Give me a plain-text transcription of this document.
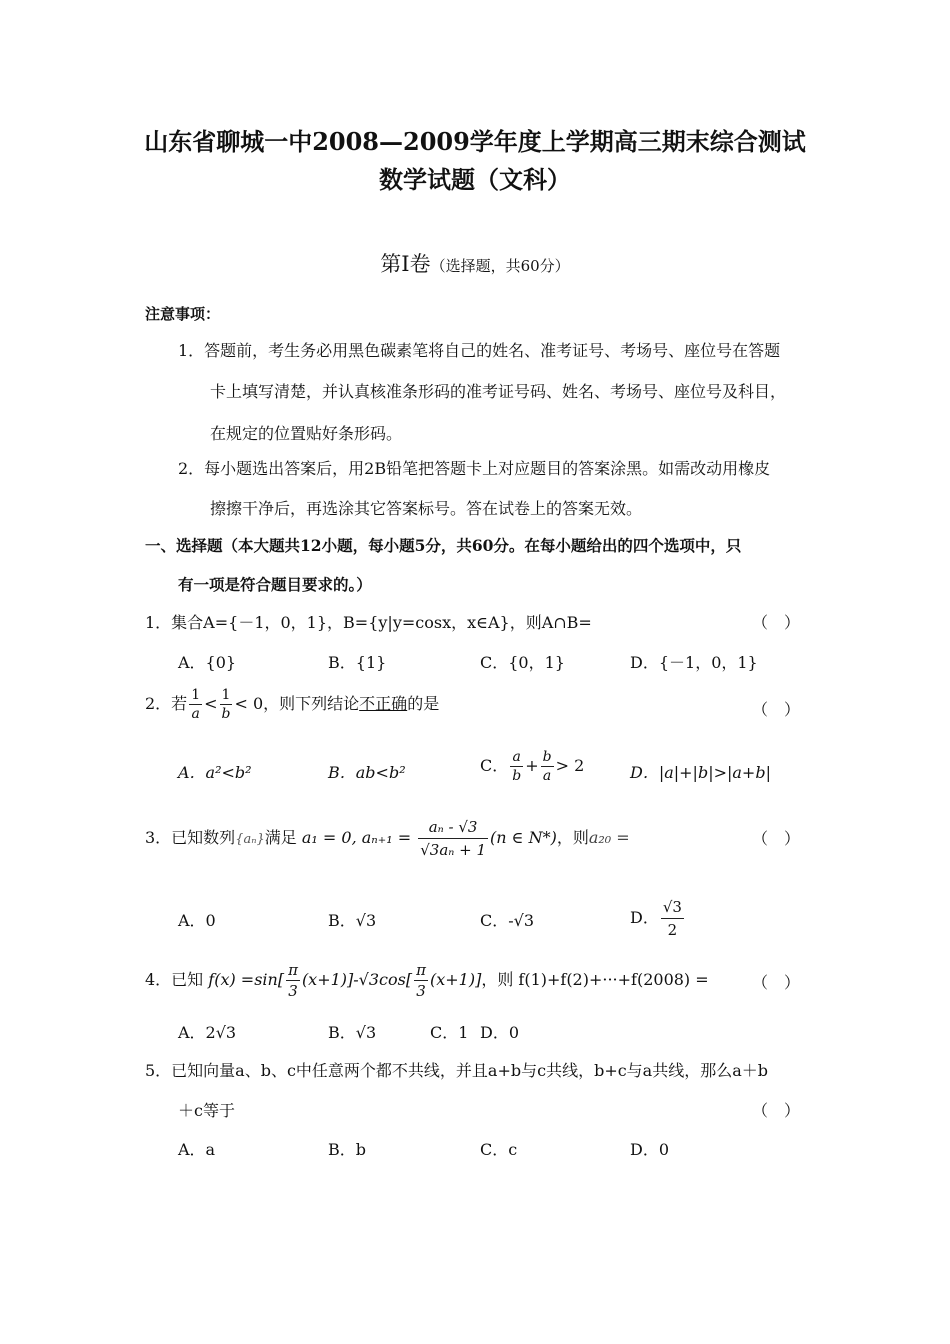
山东省聊城一中2008—2009学年度上学期高三期末综合测试
数学试题（文科）
第Ⅰ卷（选择题，共60分）
注意事项：
1．答题前，考生务必用黑色碳素笔将自己的姓名、准考证号、考场号、座位号在答题
卡上填写清楚，并认真核准条形码的准考证号码、姓名、考场号、座位号及科目，
在规定的位置贴好条形码。
2．每小题选出答案后，用2B铅笔把答题卡上对应题目的答案涂黑。如需改动用橡皮
擦擦干净后，再选涂其它答案标号。答在试卷上的答案无效。
一、选择题（本大题共12小题，每小题5分，共60分。在每小题给出的四个选项中，只
有一项是符合题目要求的。）
1．集合A={－1，0，1}，B={y|y=cosx，x∈A}，则A∩B=	（　）
A．{0}	B．{1}	C．{0，1}	D．{－1，0，1}
2．若 $\frac{1}{a} < \frac{1}{b} < 0$，则下列结论不正确的是	（　）
A．a²<b²	B．ab<b²	C． $\frac{a}{b} + \frac{b}{a} > 2$	D．|a|+|b|>|a+b|
3．已知数列{aₙ}满足 a₁ = 0, $a_{n+1} = \frac{\text{aₙ - √3}}{\text{√3aₙ + 1}} (n$ ∈ N*)，则a₂₀ =	（　）
A．0	B．√3	C．-√3	D． $\frac{√3}{2}$
4．已知 $f(x) =\sin[ \frac{\pi}{3} (x+1)]-√3\cos[ \frac{\pi}{3} (x+1)]$，则 f(1)+f(2)+···+f(2008) =	（　）
A．2√3	B．√3	C．1 D．0
5．已知向量a、b、c中任意两个都不共线，并且a+b与c共线，b+c与a共线，那么a＋b
＋c等于	（　）
A．a	B．b	C．c	D．0
